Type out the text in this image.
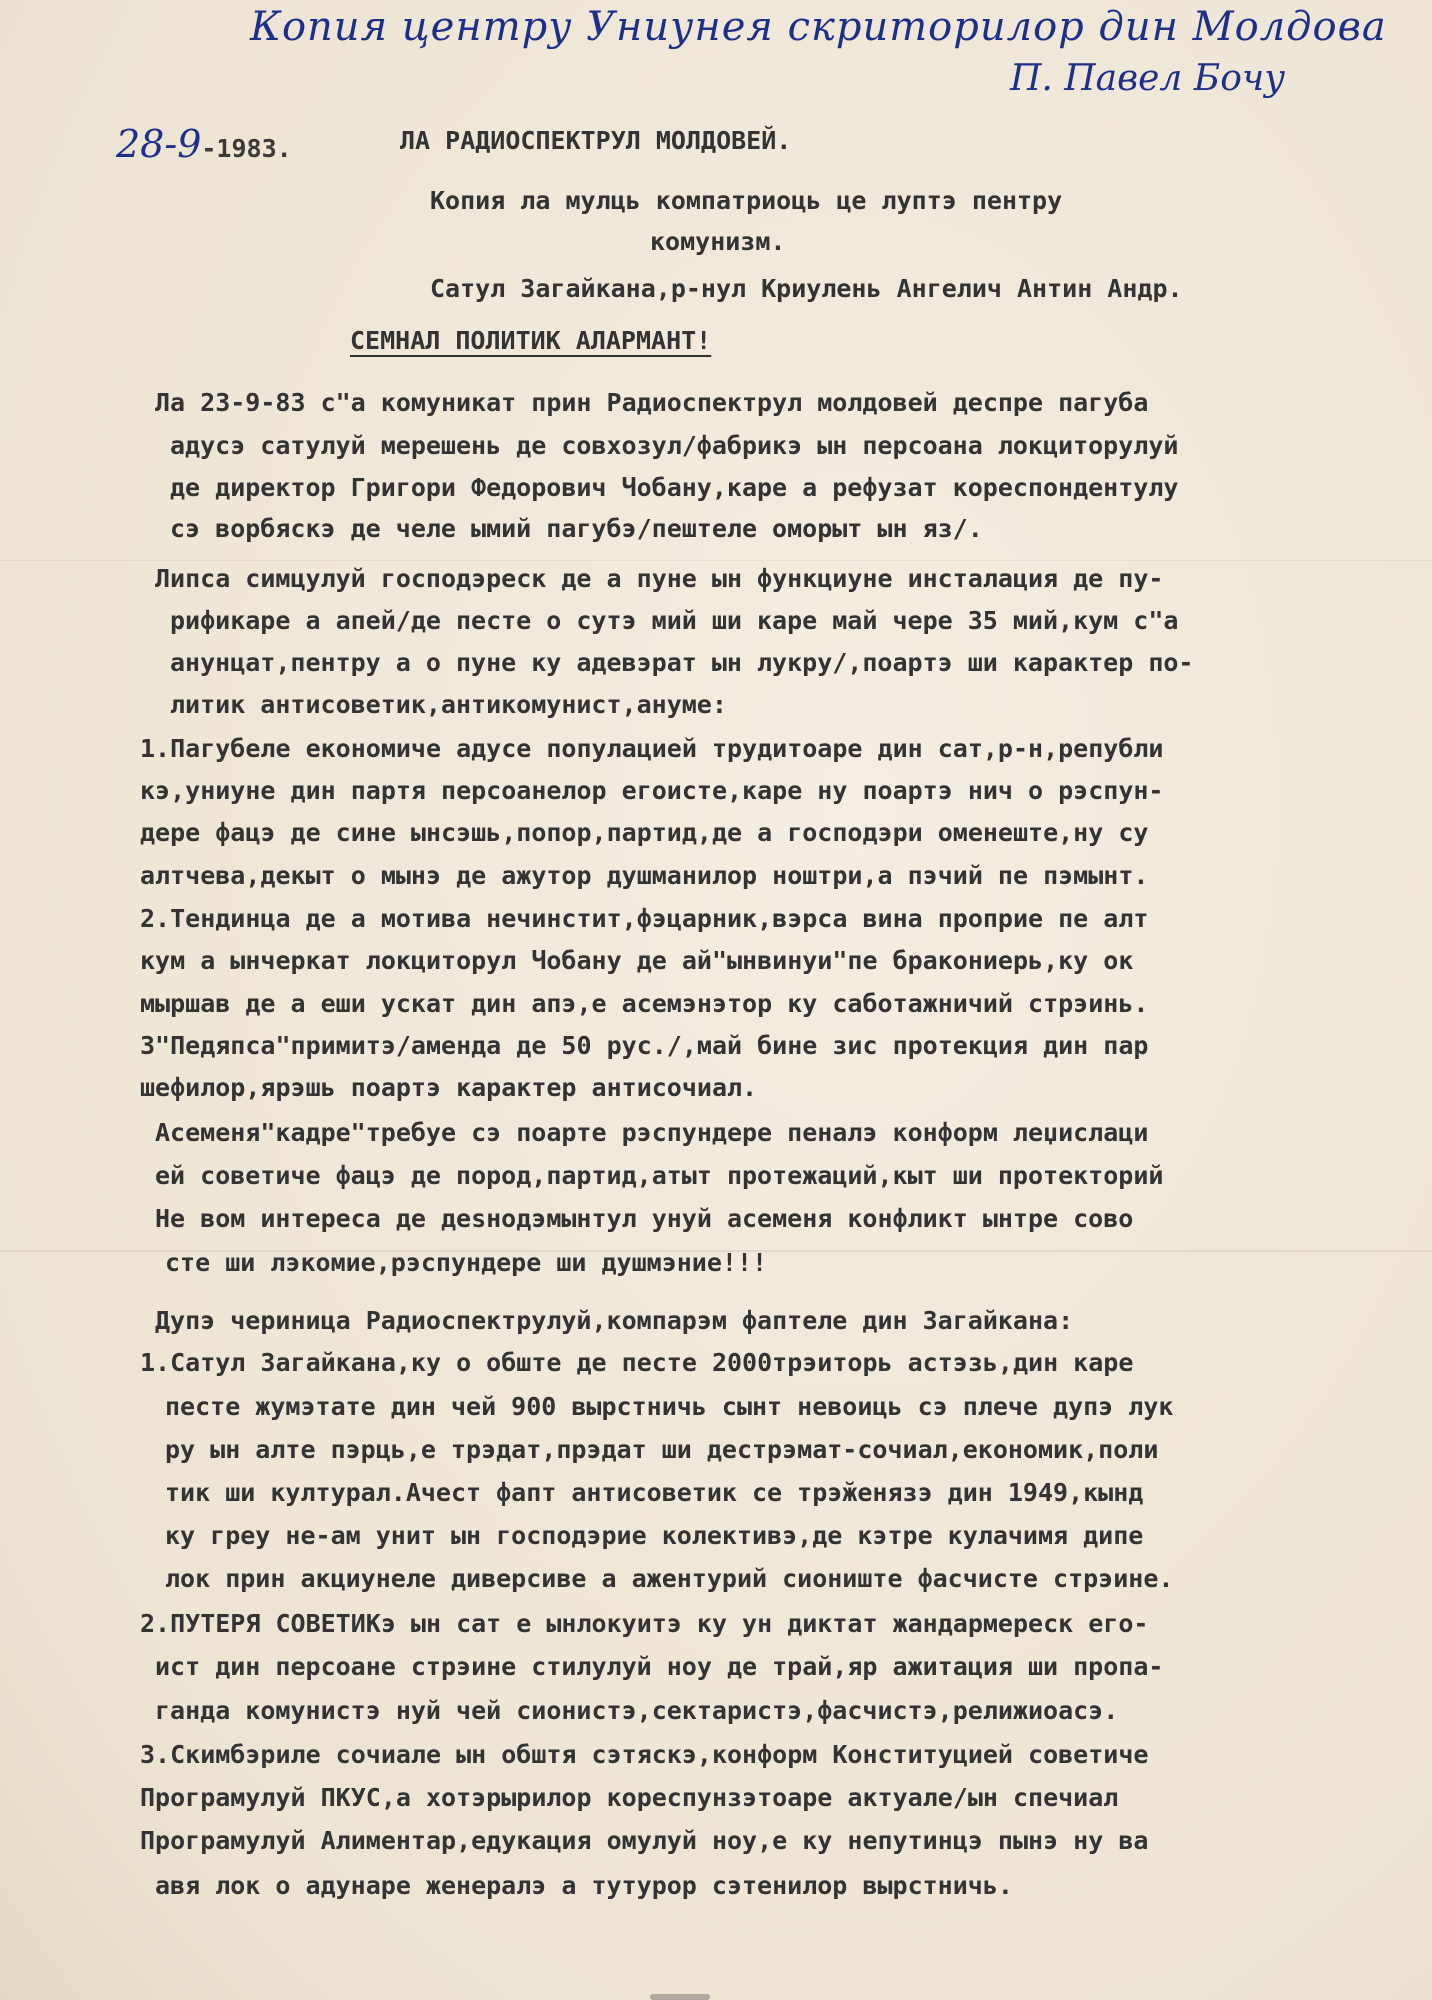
Копия центру Униунея скриторилор дин Молдова
П. Павел Бочу
28-9-1983.	ЛА РАДИОСПЕКТРУЛ МОЛДОВЕЙ.
Копия ла мулць компатриоць це луптэ пентру
комунизм.
Сатул Загайкана,р-нул Криулень Ангелич Антин Андр.
СЕМНАЛ ПОЛИТИК АЛАРМАНТ!
Ла 23-9-83 с"а комуникат прин Радиоспектрул молдовей деспре пагуба
адусэ сатулуй мерешень де совхозул/фабрикэ ын персоана локциторулуй
де директор Григори Федорович Чобану,каре а рефузат кореспондентулу
сэ ворбяскэ де челе ымий пагубэ/пештеле оморыт ын яз/.
Липса симцулуй господэреск де а пуне ын функциуне инсталация де пу-
рификаре а апей/де песте о сутэ мий ши каре май чере 35 мий,кум с"а
анунцат,пентру а о пуне ку адевэрат ын лукру/,поартэ ши карактер по-
литик антисоветик,антикомунист,ануме:
1.Пагубеле економиче адусе популацией трудитоаре дин сат,р-н,републи
кэ,униуне дин партя персоанелор егоисте,каре ну поартэ нич о рэспун-
дере фацэ де сине ынсэшь,попор,партид,де а господэри оменеште,ну су
алтчева,декыт о мынэ де ажутор душманилор ноштри,а пэчий пе пэмынт.
2.Тендинца де а мотива нечинстит,фэцарник,вэрса вина проприе пе алт
кум а ынчеркат локциторул Чобану де ай"ынвинуи"пе бракониерь,ку ок
мыршав де а еши ускат дин апэ,е асемэнэтор ку саботажничий стрэинь.
3"Педяпса"примитэ/аменда де 50 рус./,май бине зис протекция дин пар
шефилор,ярэшь поартэ карактер антисочиал.
Асеменя"кадре"требуе сэ поарте рэспундере пеналэ конформ леџислаци
ей советиче фацэ де пород,партид,атыт протежаций,кыт ши протекторий
Не вом интереса де деѕнодэмынтул унуй асеменя конфликт ынтре сово
сте ши лэкомие,рэспундере ши душмэние!!!
Дупэ чериница Радиоспектрулуй,компарэм фаптеле дин Загайкана:
1.Сатул Загайкана,ку о обште де песте 2000трэиторь астэзь,дин каре
песте жумэтате дин чей 900 вырстничь сынт невоиць сэ плече дупэ лук
ру ын алте пэрць,е трэдат,прэдат ши дестрэмат-сочиал,економик,поли
тик ши културал.Ачест фапт антисоветик се трэӂенязэ дин 1949,кынд
ку греу не-ам унит ын господэрие колективэ,де кэтре кулачимя дипе
лок прин акциунеле диверсиве а ажентурий сиониште фасчисте стрэине.
2.ПУТЕРЯ СОВЕТИКэ ын сат е ынлокуитэ ку ун диктат жандармереск его-
ист дин персоане стрэине стилулуй ноу де трай,яр ажитация ши пропа-
ганда комунистэ нуй чей сионистэ,сектаристэ,фасчистэ,релижиоасэ.
3.Скимбэриле сочиале ын обштя сэтяскэ,конформ Конституцией советиче
Програмулуй ПКУС,а хотэрырилор кореспунзэтоаре актуале/ын спечиал
Програмулуй Алиментар,едукация омулуй ноу,е ку непутинцэ пынэ ну ва
авя лок о адунаре женералэ а тутурор сэтенилор вырстничь.
